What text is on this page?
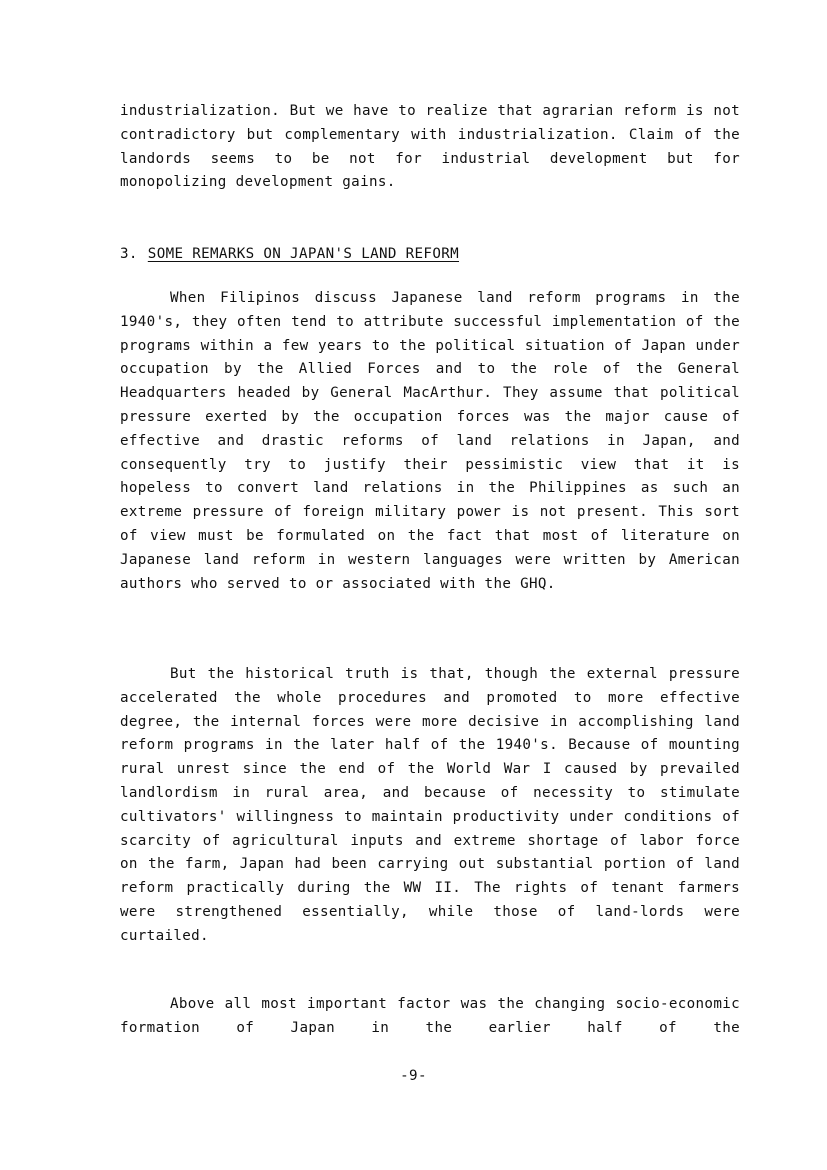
industrialization. But we have to realize that agrarian reform is not contradictory but complementary with industrialization. Claim of the landords seems to be not for industrial development but for monopolizing development gains.

3. SOME REMARKS ON JAPAN'S LAND REFORM

When Filipinos discuss Japanese land reform programs in the 1940's, they often tend to attribute successful implementation of the programs within a few years to the political situation of Japan under occupation by the Allied Forces and to the role of the General Headquarters headed by General MacArthur. They assume that political pressure exerted by the occupation forces was the major cause of effective and drastic reforms of land relations in Japan, and consequently try to justify their pessimistic view that it is hopeless to convert land relations in the Philippines as such an extreme pressure of foreign military power is not present. This sort of view must be formulated on the fact that most of literature on Japanese land reform in western languages were written by American authors who served to or associated with the GHQ.

But the historical truth is that, though the external pressure accelerated the whole procedures and promoted to more effective degree, the internal forces were more decisive in accomplishing land reform programs in the later half of the 1940's. Because of mounting rural unrest since the end of the World War I caused by prevailed landlordism in rural area, and because of necessity to stimulate cultivators' willingness to maintain productivity under conditions of scarcity of agricultural inputs and extreme shortage of labor force on the farm, Japan had been carrying out substantial portion of land reform practically during the WW II. The rights of tenant farmers were strengthened essentially, while those of land-lords were curtailed.

Above all most important factor was the changing socio-economic formation of Japan in the earlier half of the

-9-
